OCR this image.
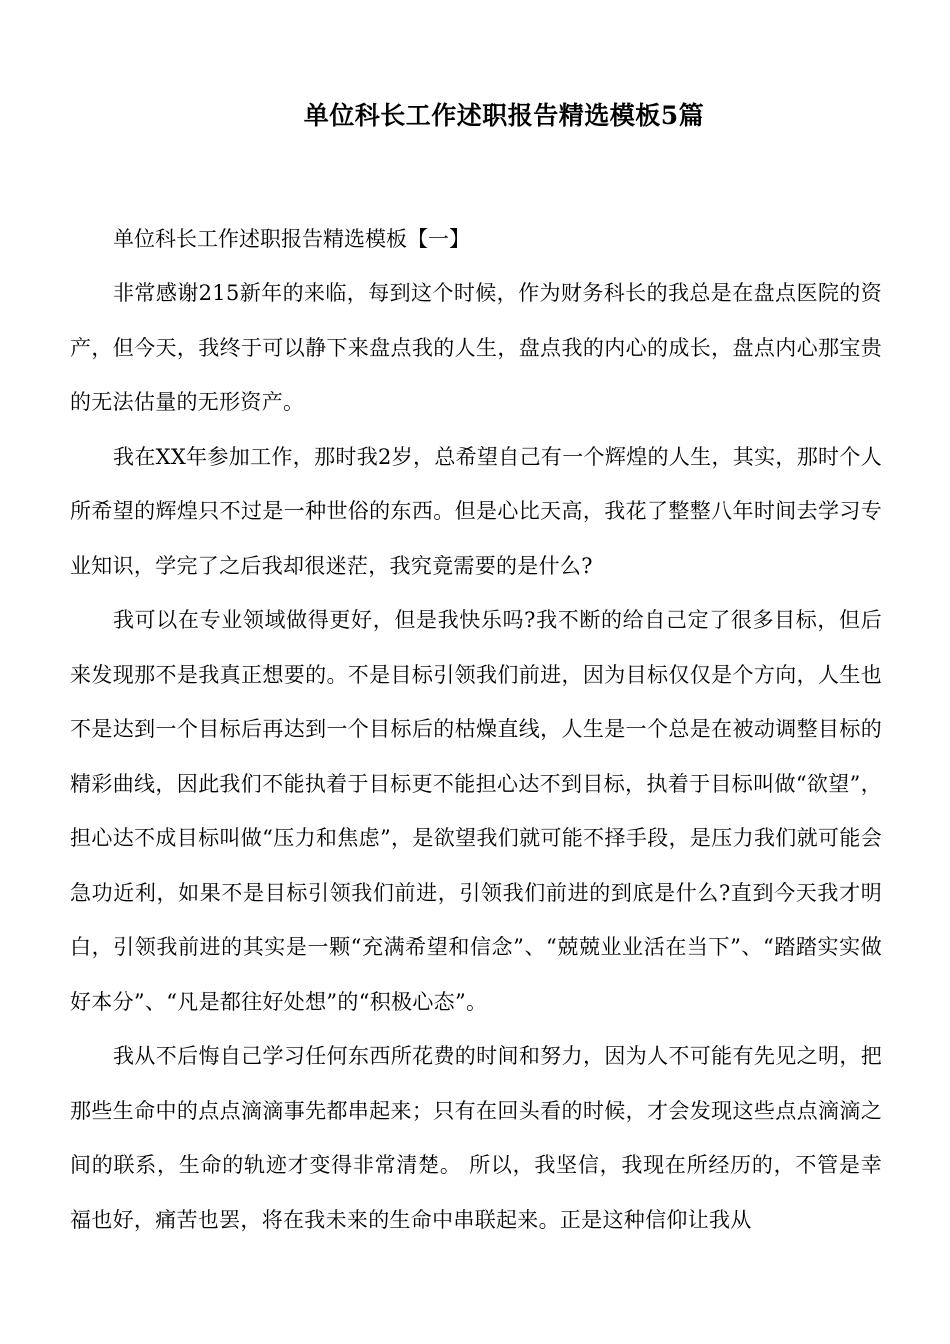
单位科长工作述职报告精选模板5篇

单位科长工作述职报告精选模板【一】

非常感谢215新年的来临，每到这个时候，作为财务科长的我总是在盘点医院的资产，但今天，我终于可以静下来盘点我的人生，盘点我的内心的成长，盘点内心那宝贵的无法估量的无形资产。

我在XX年参加工作，那时我2岁，总希望自己有一个辉煌的人生，其实，那时个人所希望的辉煌只不过是一种世俗的东西。但是心比天高，我花了整整八年时间去学习专业知识，学完了之后我却很迷茫，我究竟需要的是什么?

我可以在专业领域做得更好，但是我快乐吗?我不断的给自己定了很多目标，但后来发现那不是我真正想要的。不是目标引领我们前进，因为目标仅仅是个方向，人生也不是达到一个目标后再达到一个目标后的枯燥直线，人生是一个总是在被动调整目标的精彩曲线，因此我们不能执着于目标更不能担心达不到目标，执着于目标叫做“欲望”，担心达不成目标叫做“压力和焦虑”，是欲望我们就可能不择手段，是压力我们就可能会急功近利，如果不是目标引领我们前进，引领我们前进的到底是什么?直到今天我才明白，引领我前进的其实是一颗“充满希望和信念”、“兢兢业业活在当下”、“踏踏实实做好本分”、“凡是都往好处想”的“积极心态”。

我从不后悔自己学习任何东西所花费的时间和努力，因为人不可能有先见之明，把那些生命中的点点滴滴事先都串起来；只有在回头看的时候，才会发现这些点点滴滴之间的联系，生命的轨迹才变得非常清楚。 所以，我坚信，我现在所经历的，不管是幸福也好，痛苦也罢，将在我未来的生命中串联起来。正是这种信仰让我从
